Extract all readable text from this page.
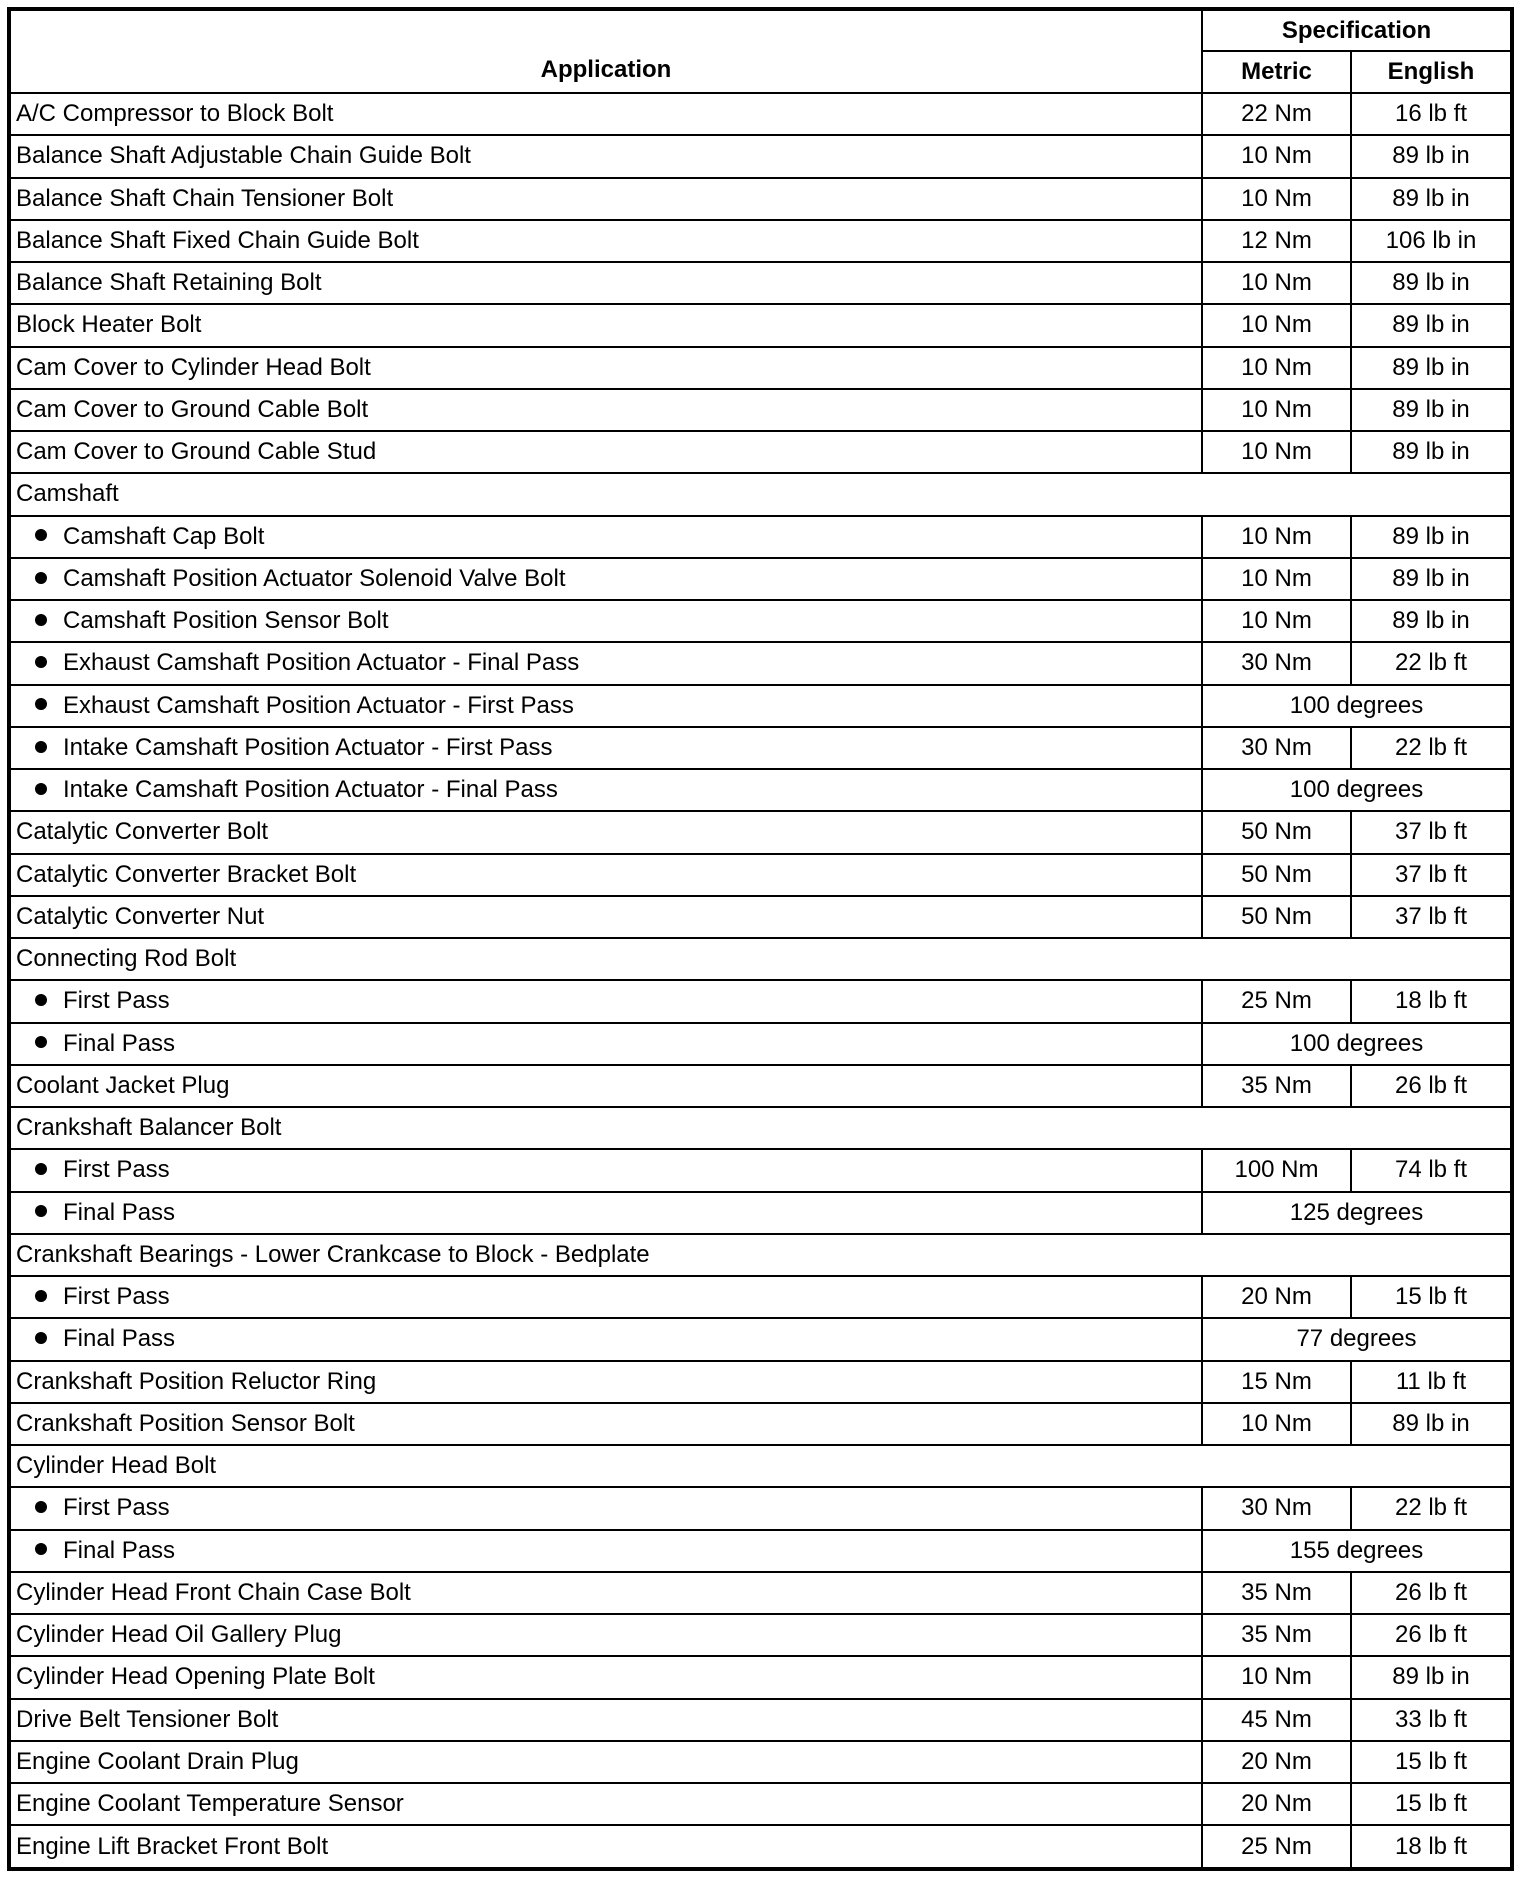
Application	Specification	
	Metric	English
A/C Compressor to Block Bolt	22 Nm	16 lb ft
Balance Shaft Adjustable Chain Guide Bolt	10 Nm	89 lb in
Balance Shaft Chain Tensioner Bolt	10 Nm	89 lb in
Balance Shaft Fixed Chain Guide Bolt	12 Nm	106 lb in
Balance Shaft Retaining Bolt	10 Nm	89 lb in
Block Heater Bolt	10 Nm	89 lb in
Cam Cover to Cylinder Head Bolt	10 Nm	89 lb in
Cam Cover to Ground Cable Bolt	10 Nm	89 lb in
Cam Cover to Ground Cable Stud	10 Nm	89 lb in
Camshaft		
Camshaft Cap Bolt	10 Nm	89 lb in
Camshaft Position Actuator Solenoid Valve Bolt	10 Nm	89 lb in
Camshaft Position Sensor Bolt	10 Nm	89 lb in
Exhaust Camshaft Position Actuator - Final Pass	30 Nm	22 lb ft
Exhaust Camshaft Position Actuator - First Pass	100 degrees	
Intake Camshaft Position Actuator - First Pass	30 Nm	22 lb ft
Intake Camshaft Position Actuator - Final Pass	100 degrees	
Catalytic Converter Bolt	50 Nm	37 lb ft
Catalytic Converter Bracket Bolt	50 Nm	37 lb ft
Catalytic Converter Nut	50 Nm	37 lb ft
Connecting Rod Bolt		
First Pass	25 Nm	18 lb ft
Final Pass	100 degrees	
Coolant Jacket Plug	35 Nm	26 lb ft
Crankshaft Balancer Bolt		
First Pass	100 Nm	74 lb ft
Final Pass	125 degrees	
Crankshaft Bearings - Lower Crankcase to Block - Bedplate		
First Pass	20 Nm	15 lb ft
Final Pass	77 degrees	
Crankshaft Position Reluctor Ring	15 Nm	11 lb ft
Crankshaft Position Sensor Bolt	10 Nm	89 lb in
Cylinder Head Bolt		
First Pass	30 Nm	22 lb ft
Final Pass	155 degrees	
Cylinder Head Front Chain Case Bolt	35 Nm	26 lb ft
Cylinder Head Oil Gallery Plug	35 Nm	26 lb ft
Cylinder Head Opening Plate Bolt	10 Nm	89 lb in
Drive Belt Tensioner Bolt	45 Nm	33 lb ft
Engine Coolant Drain Plug	20 Nm	15 lb ft
Engine Coolant Temperature Sensor	20 Nm	15 lb ft
Engine Lift Bracket Front Bolt	25 Nm	18 lb ft
